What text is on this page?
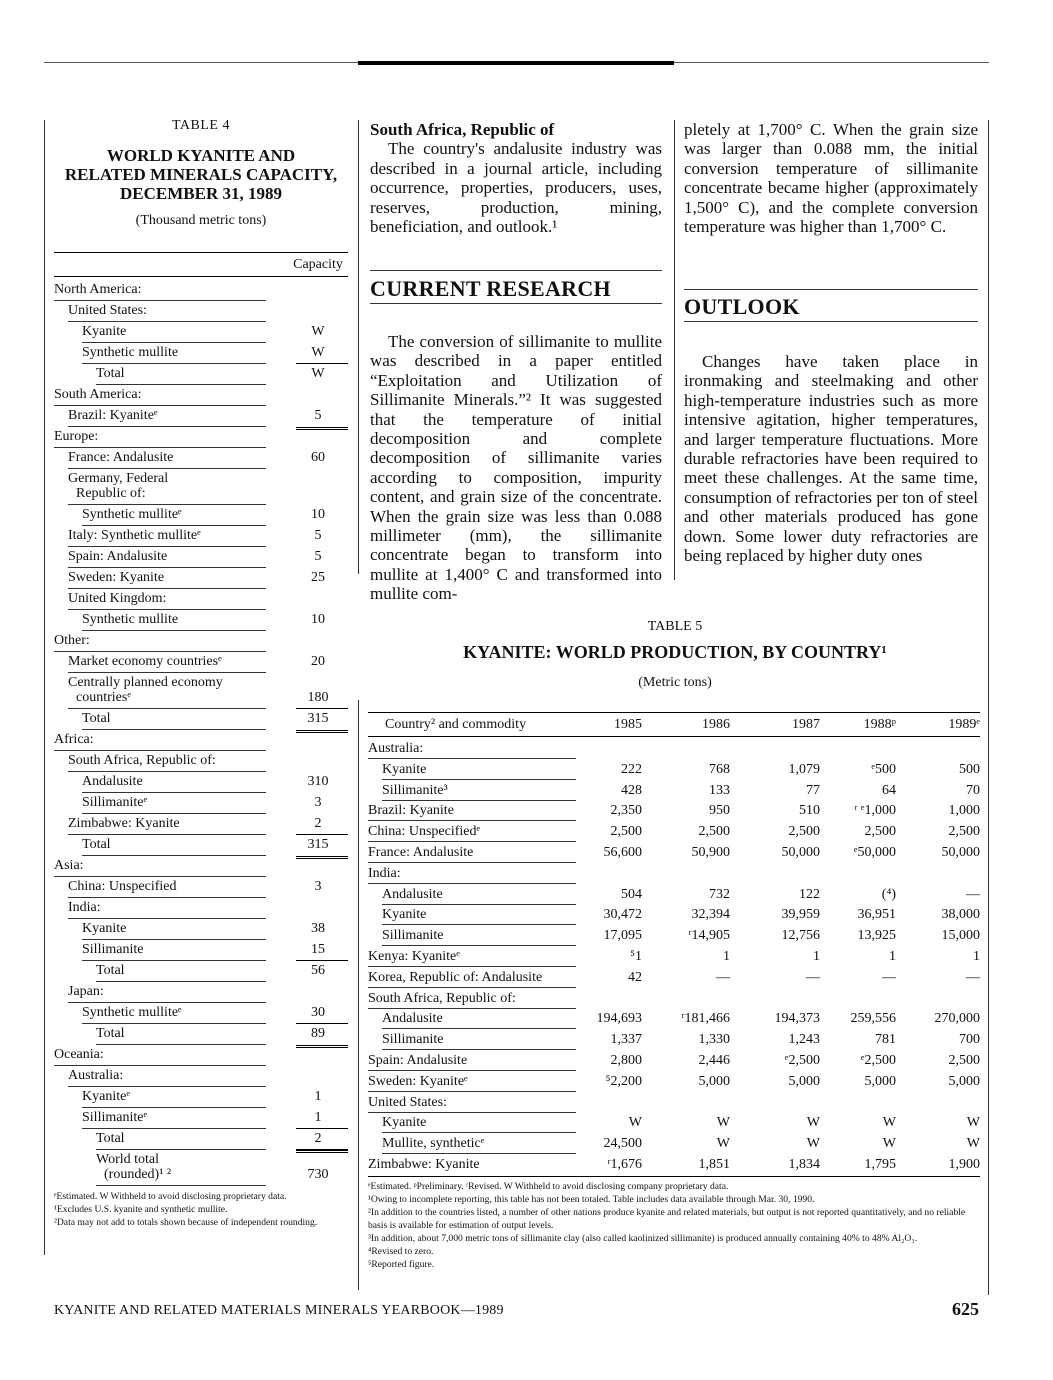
TABLE 4
WORLD KYANITE AND
RELATED MINERALS CAPACITY,
DECEMBER 31, 1989
(Thousand metric tons)
Capacity
North America:
United States:
Kyanite	W
Synthetic mullite	W
Total	W
South America:
Brazil: Kyaniteᵉ	5
Europe:
France: Andalusite	60
Germany, Federal
Republic of:
Synthetic mulliteᵉ	10
Italy: Synthetic mulliteᵉ	5
Spain: Andalusite	5
Sweden: Kyanite	25
United Kingdom:
Synthetic mullite	10
Other:
Market economy countriesᵉ	20
Centrally planned economy
countriesᵉ	180
Total	315
Africa:
South Africa, Republic of:
Andalusite	310
Sillimaniteᵉ	3
Zimbabwe: Kyanite	2
Total	315
Asia:
China: Unspecified	3
India:
Kyanite	38
Sillimanite	15
Total	56
Japan:
Synthetic mulliteᵉ	30
Total	89
Oceania:
Australia:
Kyaniteᵉ	1
Sillimaniteᵉ	1
Total	2
World total
(rounded)¹ ²	730
ᵉEstimated. W Withheld to avoid disclosing proprietary data.
¹Excludes U.S. kyanite and synthetic mullite.
²Data may not add to totals shown because of independent rounding.
South Africa, Republic of
The country's andalusite industry was described in a journal article, including occurrence, properties, producers, uses, reserves, production, mining, beneficiation, and outlook.¹
CURRENT RESEARCH
The conversion of sillimanite to mullite was described in a paper entitled “Exploitation and Utilization of Sillimanite Minerals.”² It was suggested that the temperature of initial decomposition and complete decomposition of sillimanite varies according to composition, impurity content, and grain size of the concentrate. When the grain size was less than 0.088 millimeter (mm), the sillimanite concentrate began to transform into mullite at 1,400° C and transformed into mullite com-
pletely at 1,700° C. When the grain size was larger than 0.088 mm, the initial conversion temperature of sillimanite concentrate became higher (approximately 1,500° C), and the complete conversion temperature was higher than 1,700° C.
OUTLOOK
Changes have taken place in ironmaking and steelmaking and other high-temperature industries such as more intensive agitation, higher temperatures, and larger temperature fluctuations. More durable refractories have been required to meet these challenges. At the same time, consumption of refractories per ton of steel and other materials produced has gone down. Some lower duty refractories are being replaced by higher duty ones
TABLE 5
KYANITE: WORLD PRODUCTION, BY COUNTRY¹
(Metric tons)
Country² and commodity	1985	1986	1987	1988ᵖ	1989ᵉ
Australia:
Kyanite	222	768	1,079	ᵉ500	500
Sillimanite³	428	133	77	64	70
Brazil: Kyanite	2,350	950	510	ʳ ᵉ1,000	1,000
China: Unspecifiedᵉ	2,500	2,500	2,500	2,500	2,500
France: Andalusite	56,600	50,900	50,000	ᵉ50,000	50,000
India:
Andalusite	504	732	122	(⁴)	—
Kyanite	30,472	32,394	39,959	36,951	38,000
Sillimanite	17,095	ʳ14,905	12,756	13,925	15,000
Kenya: Kyaniteᵉ	⁵1	1	1	1	1
Korea, Republic of: Andalusite	42	—	—	—	—
South Africa, Republic of:
Andalusite	194,693	ʳ181,466	194,373	259,556	270,000
Sillimanite	1,337	1,330	1,243	781	700
Spain: Andalusite	2,800	2,446	ᵉ2,500	ᵉ2,500	2,500
Sweden: Kyaniteᵉ	⁵2,200	5,000	5,000	5,000	5,000
United States:
Kyanite	W	W	W	W	W
Mullite, syntheticᵉ	24,500	W	W	W	W
Zimbabwe: Kyanite	ʳ1,676	1,851	1,834	1,795	1,900
ᵉEstimated. ᵖPreliminary. ʳRevised. W Withheld to avoid disclosing company proprietary data.
¹Owing to incomplete reporting, this table has not been totaled. Table includes data available through Mar. 30, 1990.
²In addition to the countries listed, a number of other nations produce kyanite and related materials, but output is not reported quantitatively, and no reliable basis is available for estimation of output levels.
³In addition, about 7,000 metric tons of sillimanite clay (also called kaolinized sillimanite) is produced annually containing 40% to 48% Al₂O₃.
⁴Revised to zero.
⁵Reported figure.
KYANITE AND RELATED MATERIALS MINERALS YEARBOOK—1989	625
